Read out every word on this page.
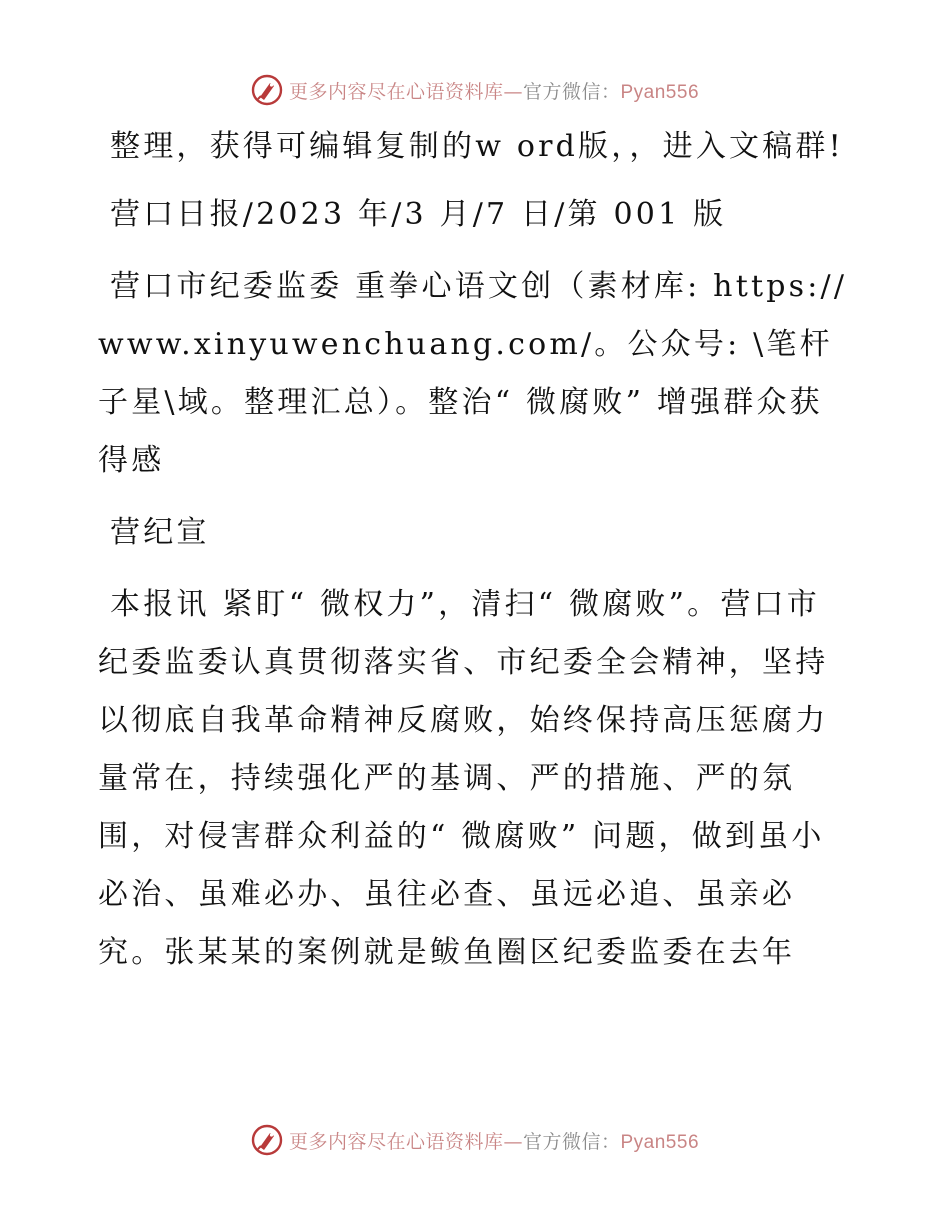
更多内容尽在心语资料库—官方微信：Pyan556

整理，获得可编辑复制的w ord版，，进入文稿群!

营口日报/2023 年/3 月/7 日/第 001 版

营口市纪委监委 重拳心语文创（素材库: https://www.xinyuwenchuang.com/。公众号: \笔杆子星\域。整理汇总）。整治“ 微腐败” 增强群众获得感

营纪宣

本报讯 紧盯“ 微权力”，清扫“ 微腐败”。营口市纪委监委认真贯彻落实省、市纪委全会精神，坚持以彻底自我革命精神反腐败，始终保持高压惩腐力量常在，持续强化严的基调、严的措施、严的氛围，对侵害群众利益的“ 微腐败” 问题，做到虽小必治、虽难必办、虽往必查、虽远必追、虽亲必究。张某某的案例就是鲅鱼圈区纪委监委在去年

更多内容尽在心语资料库—官方微信：Pyan556
